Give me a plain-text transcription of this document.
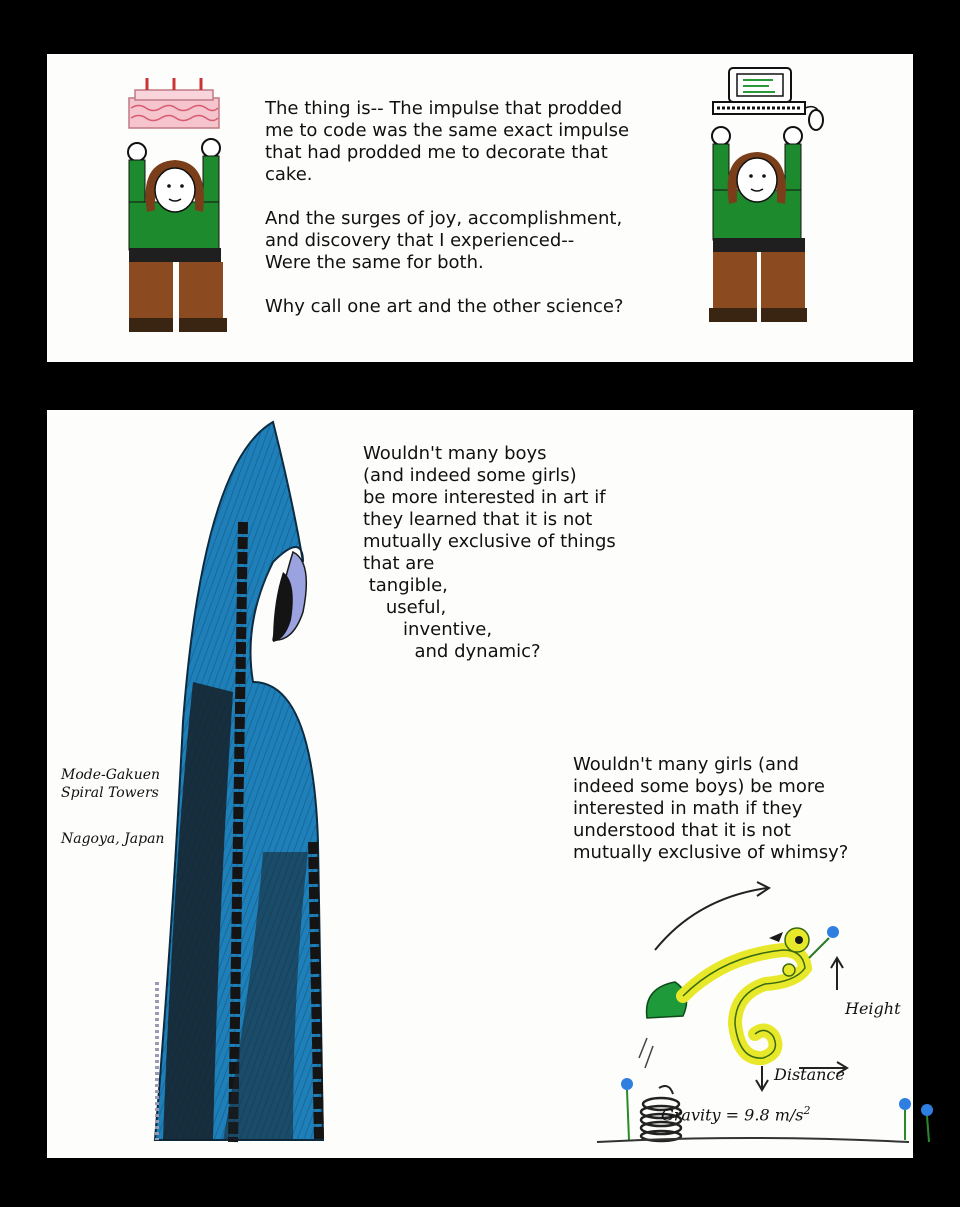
The thing is-- The impulse that prodded
me to code was the same exact impulse
that had prodded me to decorate that
cake.

And the surges of joy, accomplishment,
and discovery that I experienced--
Were the same for both.

Why call one art and the other science?
Mode-Gakuen
Spiral Towers
Nagoya, Japan
Wouldn't many boys
(and indeed some girls)
be more interested in art if
they learned that it is not
mutually exclusive of things
that are
tangible,
useful,
inventive,
and dynamic?
Wouldn't many girls (and
indeed some boys) be more
interested in math if they
understood that it is not
mutually exclusive of whimsy?
Height
Distance
Gravity = 9.8 $m/s^2$
